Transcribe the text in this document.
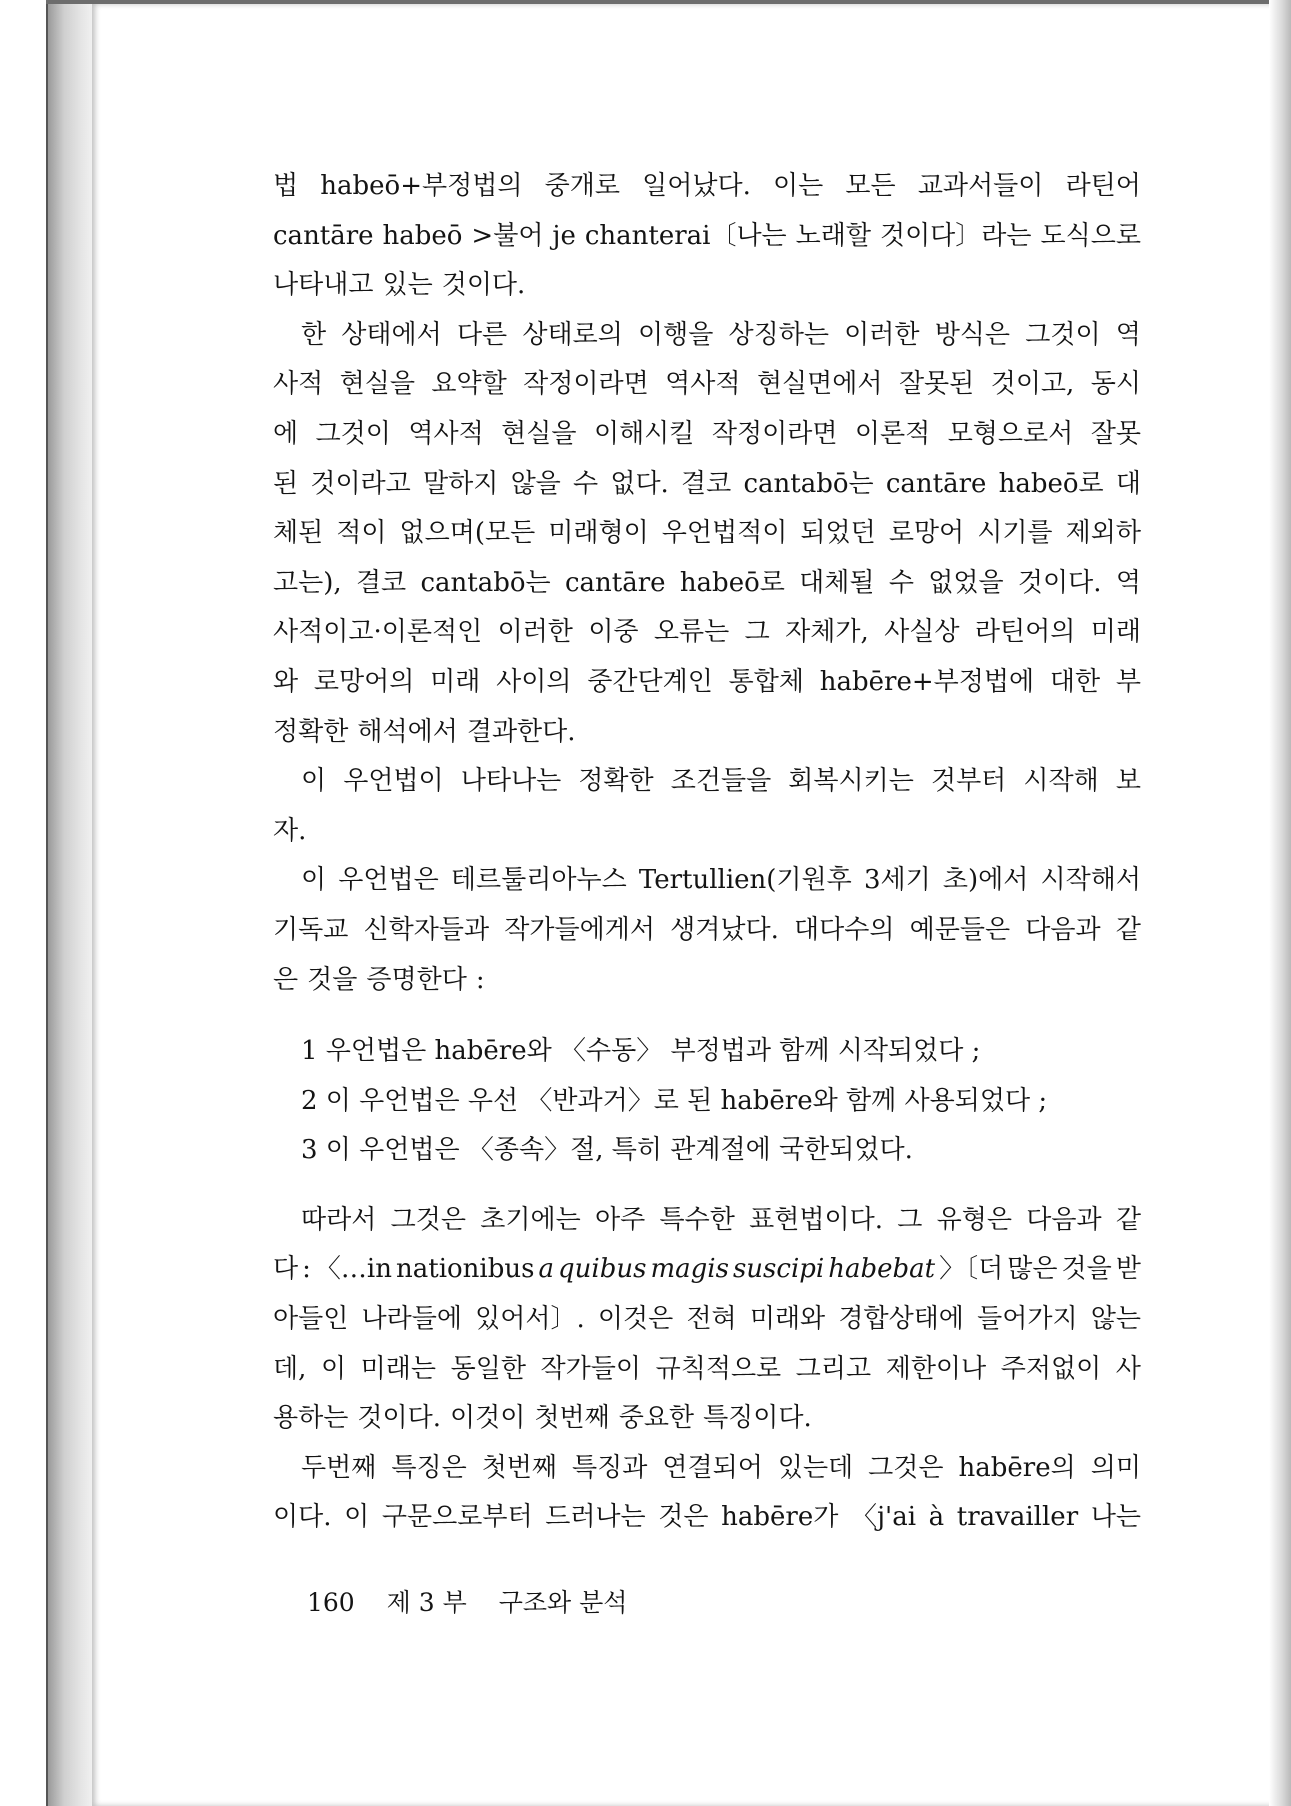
법 habeō+부정법의 중개로 일어났다. 이는 모든 교과서들이 라틴어
cantāre habeō >불어 je chanterai〔나는 노래할 것이다〕라는 도식으로
나타내고 있는 것이다.
한 상태에서 다른 상태로의 이행을 상징하는 이러한 방식은 그것이 역
사적 현실을 요약할 작정이라면 역사적 현실면에서 잘못된 것이고, 동시
에 그것이 역사적 현실을 이해시킬 작정이라면 이론적 모형으로서 잘못
된 것이라고 말하지 않을 수 없다. 결코 cantabō는 cantāre habeō로 대
체된 적이 없으며(모든 미래형이 우언법적이 되었던 로망어 시기를 제외하
고는), 결코 cantabō는 cantāre habeō로 대체될 수 없었을 것이다. 역
사적이고·이론적인 이러한 이중 오류는 그 자체가, 사실상 라틴어의 미래
와 로망어의 미래 사이의 중간단계인 통합체 habēre+부정법에 대한 부
정확한 해석에서 결과한다.
이 우언법이 나타나는 정확한 조건들을 회복시키는 것부터 시작해 보
자.
이 우언법은 테르툴리아누스 Tertullien(기원후 3세기 초)에서 시작해서
기독교 신학자들과 작가들에게서 생겨났다. 대다수의 예문들은 다음과 같
은 것을 증명한다 :
1 우언법은 habēre와 〈수동〉 부정법과 함께 시작되었다 ;
2 이 우언법은 우선 〈반과거〉로 된 habēre와 함께 사용되었다 ;
3 이 우언법은 〈종속〉절, 특히 관계절에 국한되었다.
따라서 그것은 초기에는 아주 특수한 표현법이다. 그 유형은 다음과 같
다 : 〈…in nationibus a quibus magis suscipi habebat 〉〔더 많은 것을 받
아들인 나라들에 있어서〕. 이것은 전혀 미래와 경합상태에 들어가지 않는
데, 이 미래는 동일한 작가들이 규칙적으로 그리고 제한이나 주저없이 사
용하는 것이다. 이것이 첫번째 중요한 특징이다.
두번째 특징은 첫번째 특징과 연결되어 있는데 그것은 habēre의 의미
이다. 이 구문으로부터 드러나는 것은 habēre가 〈j'ai à travailler 나는
160 제 3 부 구조와 분석
